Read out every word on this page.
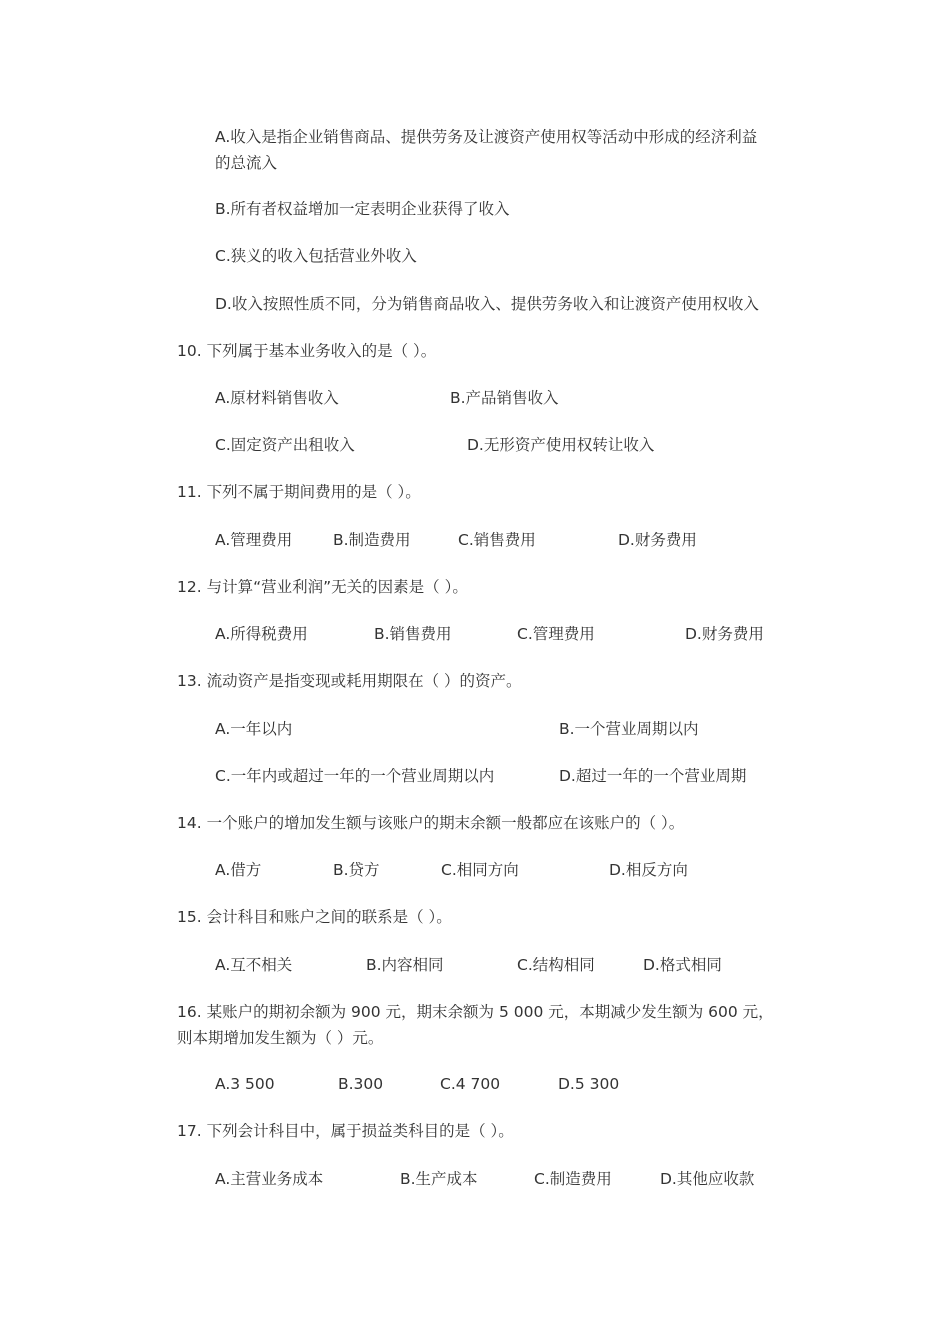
A.收入是指企业销售商品、提供劳务及让渡资产使用权等活动中形成的经济利益
的总流入
B.所有者权益增加一定表明企业获得了收入
C.狭义的收入包括营业外收入
D.收入按照性质不同，分为销售商品收入、提供劳务收入和让渡资产使用权收入
10. 下列属于基本业务收入的是（ ）。
A.原材料销售收入	B.产品销售收入
C.固定资产出租收入	D.无形资产使用权转让收入
11. 下列不属于期间费用的是（ ）。
A.管理费用	B.制造费用	C.销售费用	D.财务费用
12. 与计算“营业利润”无关的因素是（ ）。
A.所得税费用	B.销售费用	C.管理费用	D.财务费用
13. 流动资产是指变现或耗用期限在（ ）的资产。
A.一年以内	B.一个营业周期以内
C.一年内或超过一年的一个营业周期以内	D.超过一年的一个营业周期
14. 一个账户的增加发生额与该账户的期末余额一般都应在该账户的（ ）。
A.借方	B.贷方	C.相同方向	D.相反方向
15. 会计科目和账户之间的联系是（ ）。
A.互不相关	B.内容相同	C.结构相同	D.格式相同
16. 某账户的期初余额为 900 元，期末余额为 5 000 元，本期减少发生额为 600 元，
则本期增加发生额为（ ）元。
A.3 500	B.300	C.4 700	D.5 300
17. 下列会计科目中，属于损益类科目的是（ ）。
A.主营业务成本	B.生产成本	C.制造费用	D.其他应收款
